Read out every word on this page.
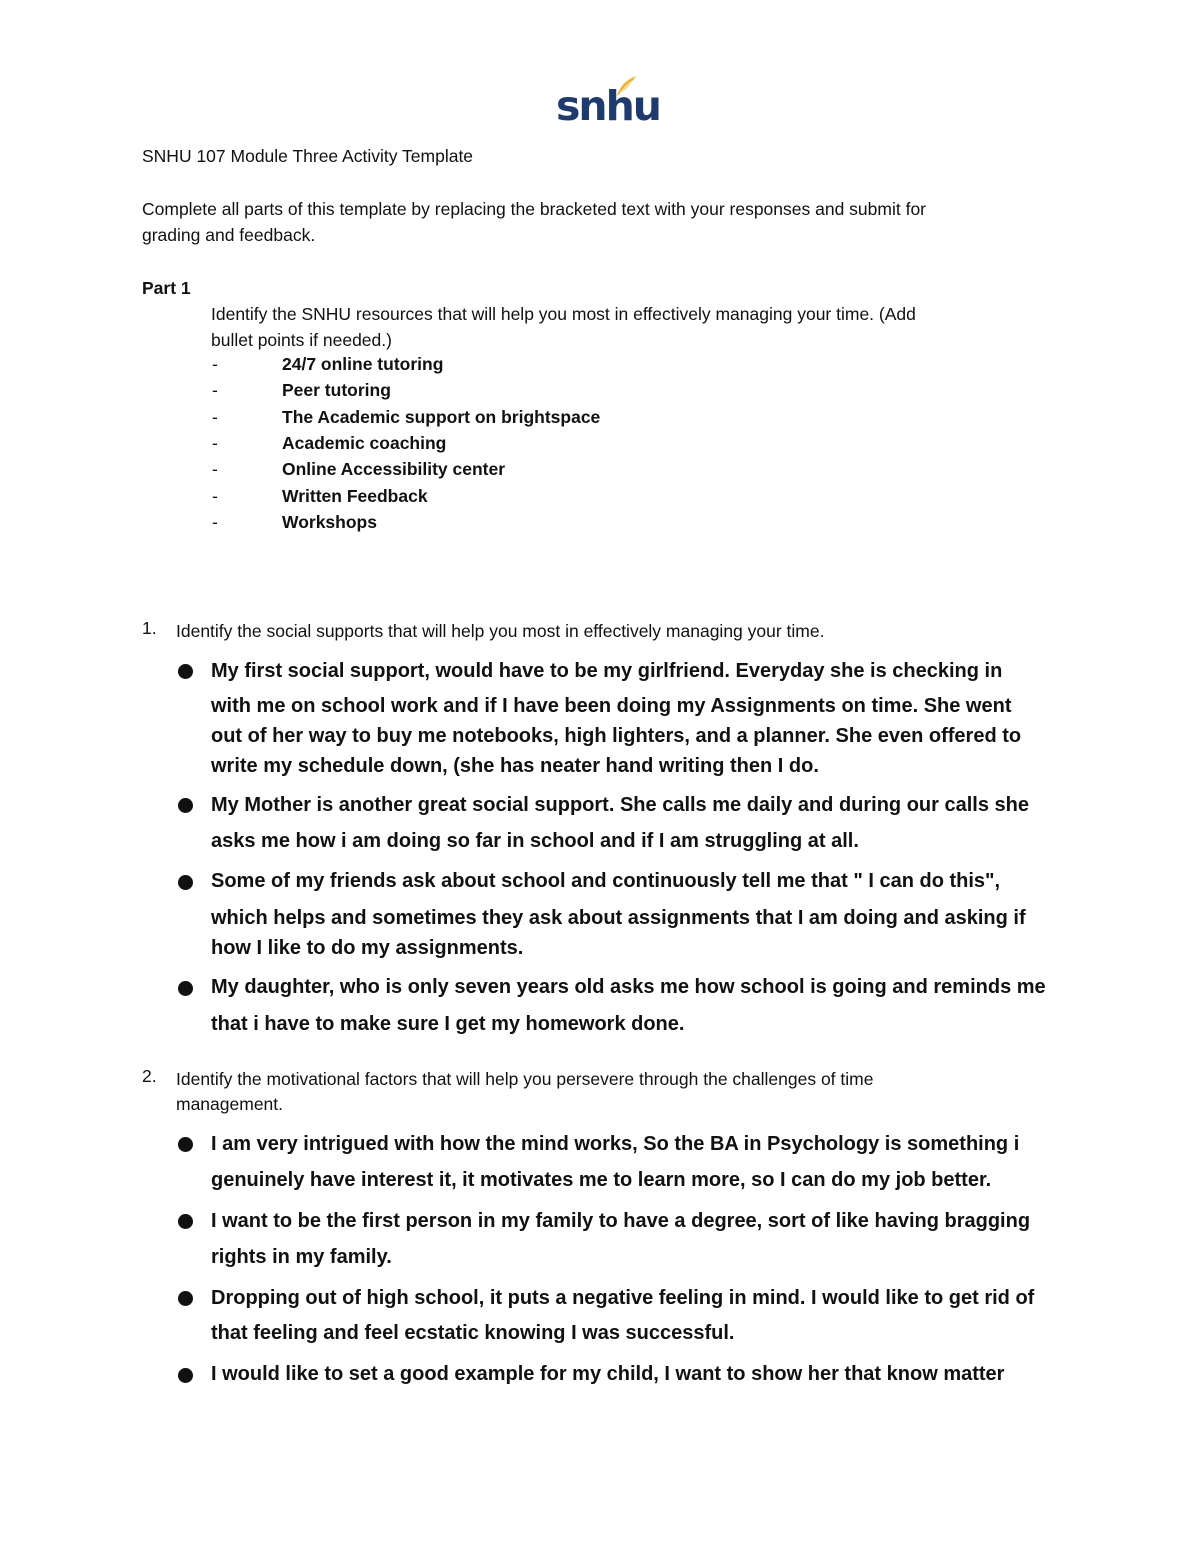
snhu
SNHU 107 Module Three Activity Template
Complete all parts of this template by replacing the bracketed text with your responses and submit for
grading and feedback.
Part 1
Identify the SNHU resources that will help you most in effectively managing your time. (Add
bullet points if needed.)
-	24/7 online tutoring
-	Peer tutoring
-	The Academic support on brightspace
-	Academic coaching
-	Online Accessibility center
-	Written Feedback
-	Workshops
1. Identify the social supports that will help you most in effectively managing your time.
My first social support, would have to be my girlfriend. Everyday she is checking in
with me on school work and if I have been doing my Assignments on time. She went
out of her way to buy me notebooks, high lighters, and a planner. She even offered to
write my schedule down, (she has neater hand writing then I do.
My Mother is another great social support. She calls me daily and during our calls she
asks me how i am doing so far in school and if I am struggling at all.
Some of my friends ask about school and continuously tell me that " I can do this",
which helps and sometimes they ask about assignments that I am doing and asking if
how I like to do my assignments.
My daughter, who is only seven years old asks me how school is going and reminds me
that i have to make sure I get my homework done.
2. Identify the motivational factors that will help you persevere through the challenges of time
management.
I am very intrigued with how the mind works, So the BA in Psychology is something i
genuinely have interest it, it motivates me to learn more, so I can do my job better.
I want to be the first person in my family to have a degree, sort of like having bragging
rights in my family.
Dropping out of high school, it puts a negative feeling in mind. I would like to get rid of
that feeling and feel ecstatic knowing I was successful.
I would like to set a good example for my child, I want to show her that know matter
